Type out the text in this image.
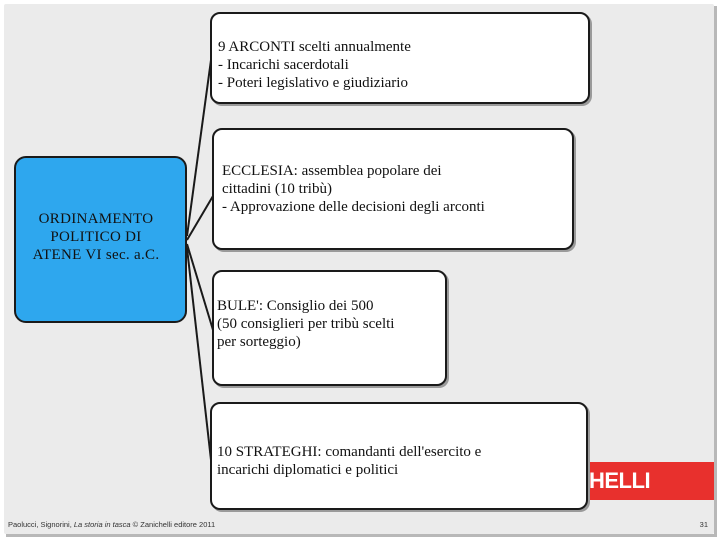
HELLI
ORDINAMENTO
POLITICO DI
ATENE VI sec. a.C.
9 ARCONTI scelti annualmente
- Incarichi sacerdotali
- Poteri legislativo e giudiziario
ECCLESIA: assemblea popolare dei
cittadini (10 tribù)
- Approvazione delle decisioni degli arconti
BULE': Consiglio dei 500
(50 consiglieri per tribù scelti
per sorteggio)
10 STRATEGHI: comandanti dell'esercito e
incarichi diplomatici e politici
Paolucci, Signorini, La storia in tasca © Zanichelli editore 2011	31
